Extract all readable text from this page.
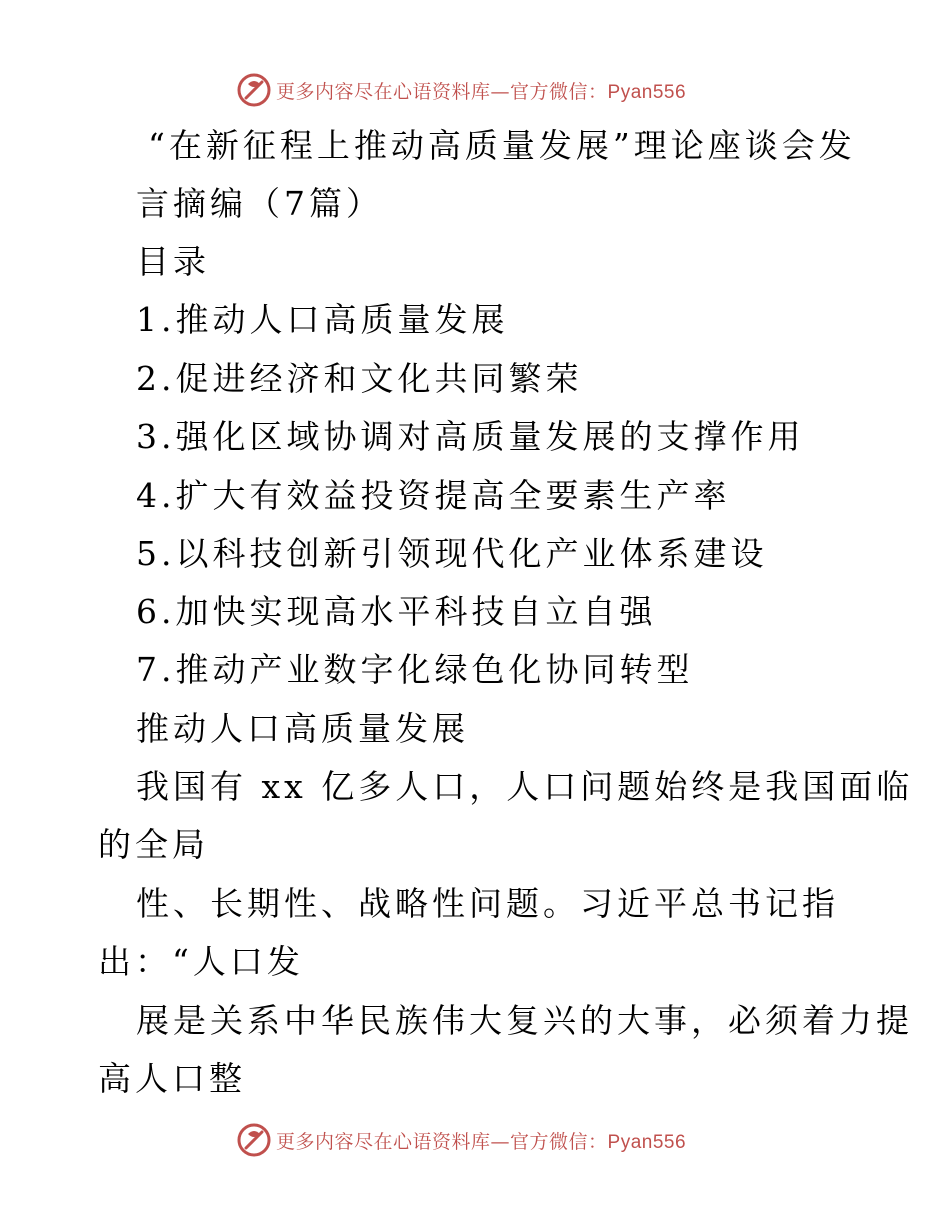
更多内容尽在心语资料库—官方微信：Pyan556
“在新征程上推动高质量发展”理论座谈会发
言摘编（7篇）
目录
1.推动人口高质量发展
2.促进经济和文化共同繁荣
3.强化区域协调对高质量发展的支撑作用
4.扩大有效益投资提高全要素生产率
5.以科技创新引领现代化产业体系建设
6.加快实现高水平科技自立自强
7.推动产业数字化绿色化协同转型
推动人口高质量发展
我国有 xx 亿多人口，人口问题始终是我国面临
的全局
性、长期性、战略性问题。习近平总书记指
出：“人口发
展是关系中华民族伟大复兴的大事，必须着力提
高人口整
更多内容尽在心语资料库—官方微信：Pyan556
